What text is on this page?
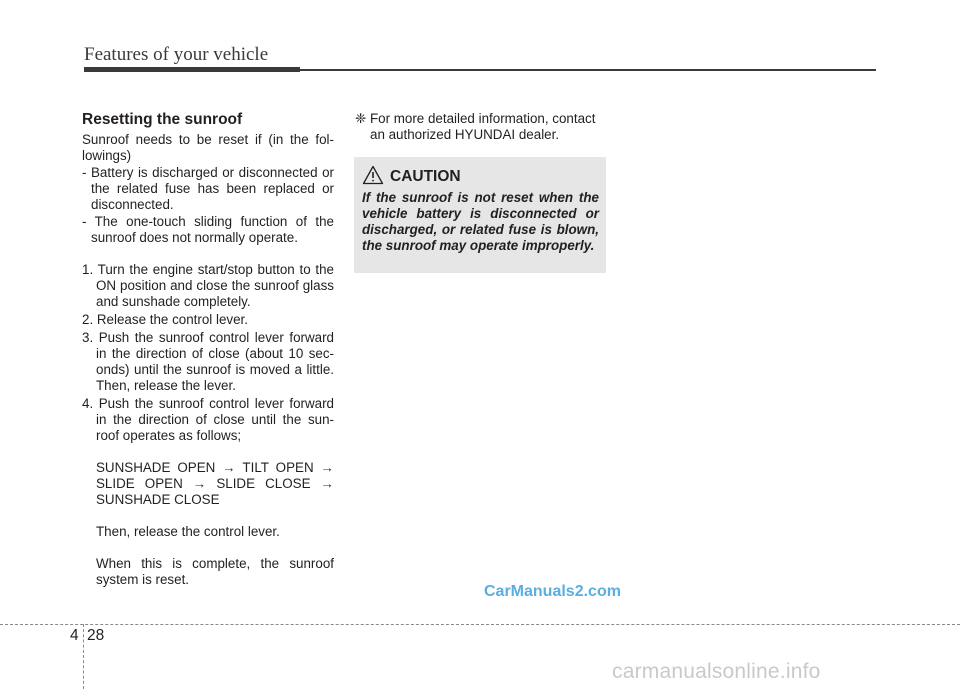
Features of your vehicle
Resetting the sunroof
Sunroof needs to be reset if (in the fol-lowings)
- Battery is discharged or disconnected or the related fuse has been replaced or disconnected.
- The one-touch sliding function of the sunroof does not normally operate.
1. Turn the engine start/stop button to the ON position and close the sunroof glass and sunshade completely.
2. Release the control lever.
3. Push the sunroof control lever forward in the direction of close (about 10 sec-onds) until the sunroof is moved a little. Then, release the lever.
4. Push the sunroof control lever forward in the direction of close until the sun-roof operates as follows;
SUNSHADE OPEN → TILT OPEN → SLIDE OPEN → SLIDE CLOSE → SUNSHADE CLOSE
Then, release the control lever.
When this is complete, the sunroof system is reset.
❈ For more detailed information, contact an authorized HYUNDAI dealer.
CAUTION
If the sunroof is not reset when the vehicle battery is disconnected or discharged, or related fuse is blown, the sunroof may operate improperly.
CarManuals2.com
4 28
carmanualsonline.info
